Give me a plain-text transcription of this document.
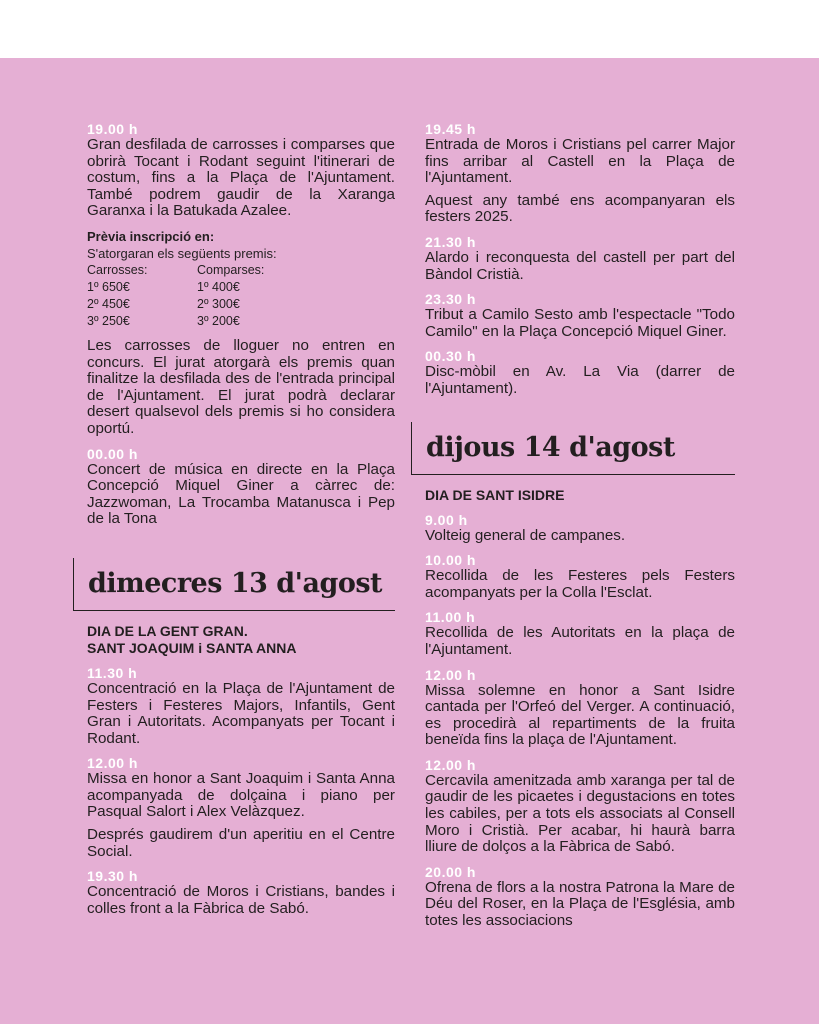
19.00 h

Gran desfilada de carrosses i comparses que obrirà Tocant i Rodant seguint l'itinerari de costum, fins a la Plaça de l'Ajuntament. També podrem gaudir de la Xaranga Garanxa i la Batukada Azalee.

Prèvia inscripció en:

S'atorgaran els següents premis:

Carrosses:	Comparses:
1º 650€	1º 400€
2º 450€	2º 300€
3º 250€	3º 200€

Les carrosses de lloguer no entren en concurs. El jurat atorgarà els premis quan finalitze la desfilada des de l'entrada principal de l'Ajuntament. El jurat podrà declarar desert qualsevol dels premis si ho considera oportú.

00.00 h

Concert de música en directe en la Plaça Concepció Miquel Giner a càrrec de: Jazzwoman, La Trocamba Matanusca i Pep de la Tona

dimecres 13 d'agost

DIA DE LA GENT GRAN.

SANT JOAQUIM i SANTA ANNA

11.30 h

Concentració en la Plaça de l'Ajuntament de Festers i Festeres Majors, Infantils, Gent Gran i Autoritats. Acompanyats per Tocant i Rodant.

12.00 h

Missa en honor a Sant Joaquim i Santa Anna acompanyada de dolçaina i piano per Pasqual Salort i Alex Velàzquez.

Després gaudirem d'un aperitiu en el Centre Social.

19.30 h

Concentració de Moros i Cristians, bandes i colles front a la Fàbrica de Sabó.

19.45 h

Entrada de Moros i Cristians pel carrer Major fins arribar al Castell en la Plaça de l'Ajuntament.

Aquest any també ens acompanyaran els festers 2025.

21.30 h

Alardo i reconquesta del castell per part del Bàndol Cristià.

23.30 h

Tribut a Camilo Sesto amb l'espectacle "Todo Camilo" en la Plaça Concepció Miquel Giner.

00.30 h

Disc-mòbil en Av. La Via (darrer de l'Ajuntament).

dijous 14 d'agost

DIA DE SANT ISIDRE

9.00 h

Volteig general de campanes.

10.00 h

Recollida de les Festeres pels Festers acompanyats per la Colla l'Esclat.

11.00 h

Recollida de les Autoritats en la plaça de l'Ajuntament.

12.00 h

Missa solemne en honor a Sant Isidre cantada per l'Orfeó del Verger. A continuació, es procedirà al repartiments de la fruita beneïda fins la plaça de l'Ajuntament.

12.00 h

Cercavila amenitzada amb xaranga per tal de gaudir de les picaetes i degustacions en totes les cabiles, per a tots els associats al Consell Moro i Cristià. Per acabar, hi haurà barra lliure de dolços a la Fàbrica de Sabó.

20.00 h

Ofrena de flors a la nostra Patrona la Mare de Déu del Roser, en la Plaça de l'Església, amb totes les associacions
